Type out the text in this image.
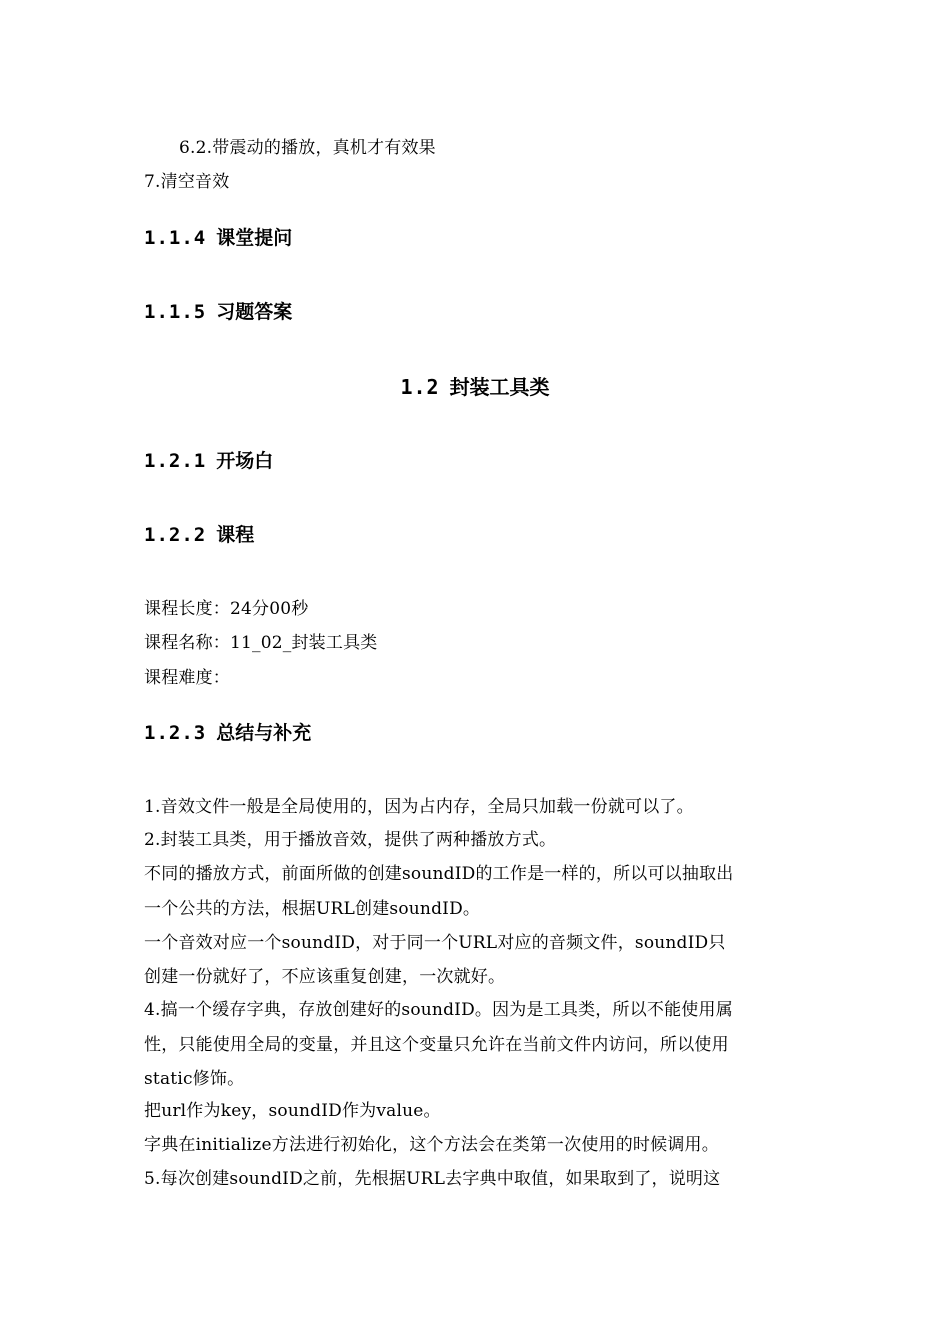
6.2.带震动的播放，真机才有效果
7.清空音效
1.1.4 课堂提问
1.1.5 习题答案
1.2 封装工具类
1.2.1 开场白
1.2.2 课程
课程长度：24分00秒
课程名称：11_02_封装工具类
课程难度：
1.2.3 总结与补充
1.音效文件一般是全局使用的，因为占内存，全局只加载一份就可以了。
2.封装工具类，用于播放音效，提供了两种播放方式。
不同的播放方式，前面所做的创建soundID的工作是一样的，所以可以抽取出
一个公共的方法，根据URL创建soundID。
一个音效对应一个soundID，对于同一个URL对应的音频文件，soundID只
创建一份就好了，不应该重复创建，一次就好。
4.搞一个缓存字典，存放创建好的soundID。因为是工具类，所以不能使用属
性，只能使用全局的变量，并且这个变量只允许在当前文件内访问，所以使用
static修饰。
把url作为key，soundID作为value。
字典在initialize方法进行初始化，这个方法会在类第一次使用的时候调用。
5.每次创建soundID之前，先根据URL去字典中取值，如果取到了，说明这
